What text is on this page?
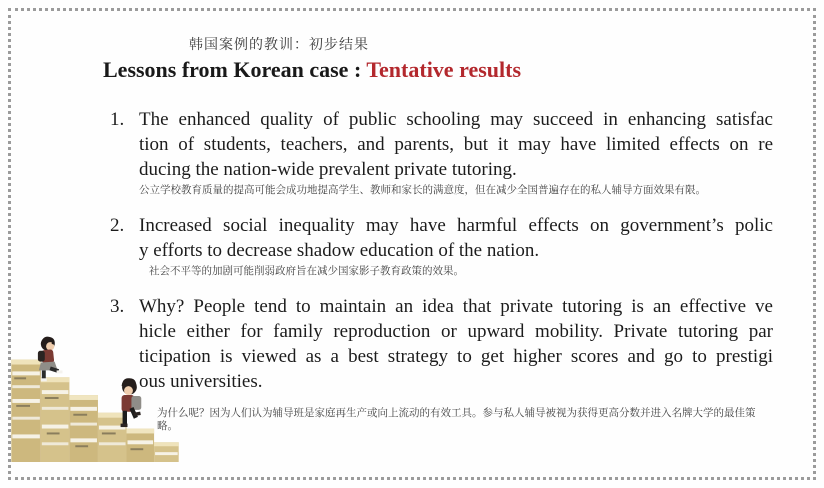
韩国案例的教训：初步结果
Lessons from Korean case : Tentative results
1. The enhanced quality of public schooling may succeed in enhancing satisfac
tion of students, teachers, and parents, but it may have limited effects on re
ducing the nation-wide prevalent private tutoring.
公立学校教育质量的提高可能会成功地提高学生、教师和家长的满意度，但在减少全国普遍存在的私人辅导方面效果有限。
2. Increased social inequality may have harmful effects on government’s polic
y efforts to decrease shadow education of the nation.
社会不平等的加剧可能削弱政府旨在减少国家影子教育政策的效果。
3. Why? People tend to maintain an idea that private tutoring is an effective ve
hicle either for family reproduction or upward mobility. Private tutoring par
ticipation is viewed as a best strategy to get higher scores and go to prestigi
ous universities.
为什么呢？因为人们认为辅导班是家庭再生产或向上流动的有效工具。参与私人辅导被视为获得更高分数并进入名牌大学的最佳策略。
